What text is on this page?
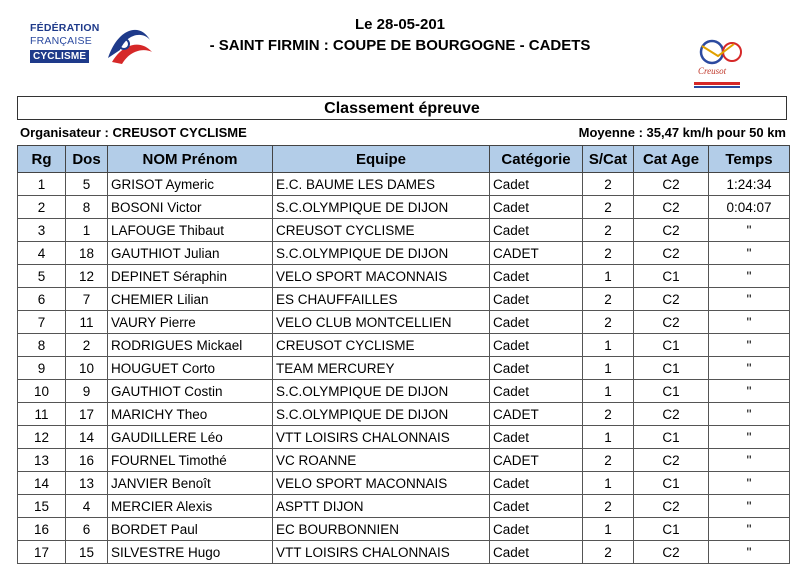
FÉDÉRATION
FRANÇAISE
CYCLISME
Le 28-05-201
- SAINT FIRMIN : COUPE DE BOURGOGNE - CADETS
Creusot
Classement épreuve
Organisateur : CREUSOT CYCLISME	Moyenne : 35,47 km/h pour 50 km
Rg	Dos	NOM Prénom	Equipe	Catégorie	S/Cat	Cat Age	Temps
1	5	GRISOT Aymeric	E.C. BAUME LES DAMES	Cadet	2	C2	1:24:34
2	8	BOSONI Victor	S.C.OLYMPIQUE DE DIJON	Cadet	2	C2	0:04:07
3	1	LAFOUGE Thibaut	CREUSOT CYCLISME	Cadet	2	C2	"
4	18	GAUTHIOT Julian	S.C.OLYMPIQUE DE DIJON	CADET	2	C2	"
5	12	DEPINET Séraphin	VELO SPORT MACONNAIS	Cadet	1	C1	"
6	7	CHEMIER Lilian	ES CHAUFFAILLES	Cadet	2	C2	"
7	11	VAURY Pierre	VELO CLUB MONTCELLIEN	Cadet	2	C2	"
8	2	RODRIGUES Mickael	CREUSOT CYCLISME	Cadet	1	C1	"
9	10	HOUGUET Corto	TEAM MERCUREY	Cadet	1	C1	"
10	9	GAUTHIOT Costin	S.C.OLYMPIQUE DE DIJON	Cadet	1	C1	"
11	17	MARICHY Theo	S.C.OLYMPIQUE DE DIJON	CADET	2	C2	"
12	14	GAUDILLERE Léo	VTT LOISIRS CHALONNAIS	Cadet	1	C1	"
13	16	FOURNEL Timothé	VC ROANNE	CADET	2	C2	"
14	13	JANVIER Benoît	VELO SPORT MACONNAIS	Cadet	1	C1	"
15	4	MERCIER Alexis	ASPTT DIJON	Cadet	2	C2	"
16	6	BORDET Paul	EC BOURBONNIEN	Cadet	1	C1	"
17	15	SILVESTRE Hugo	VTT LOISIRS CHALONNAIS	Cadet	2	C2	"
